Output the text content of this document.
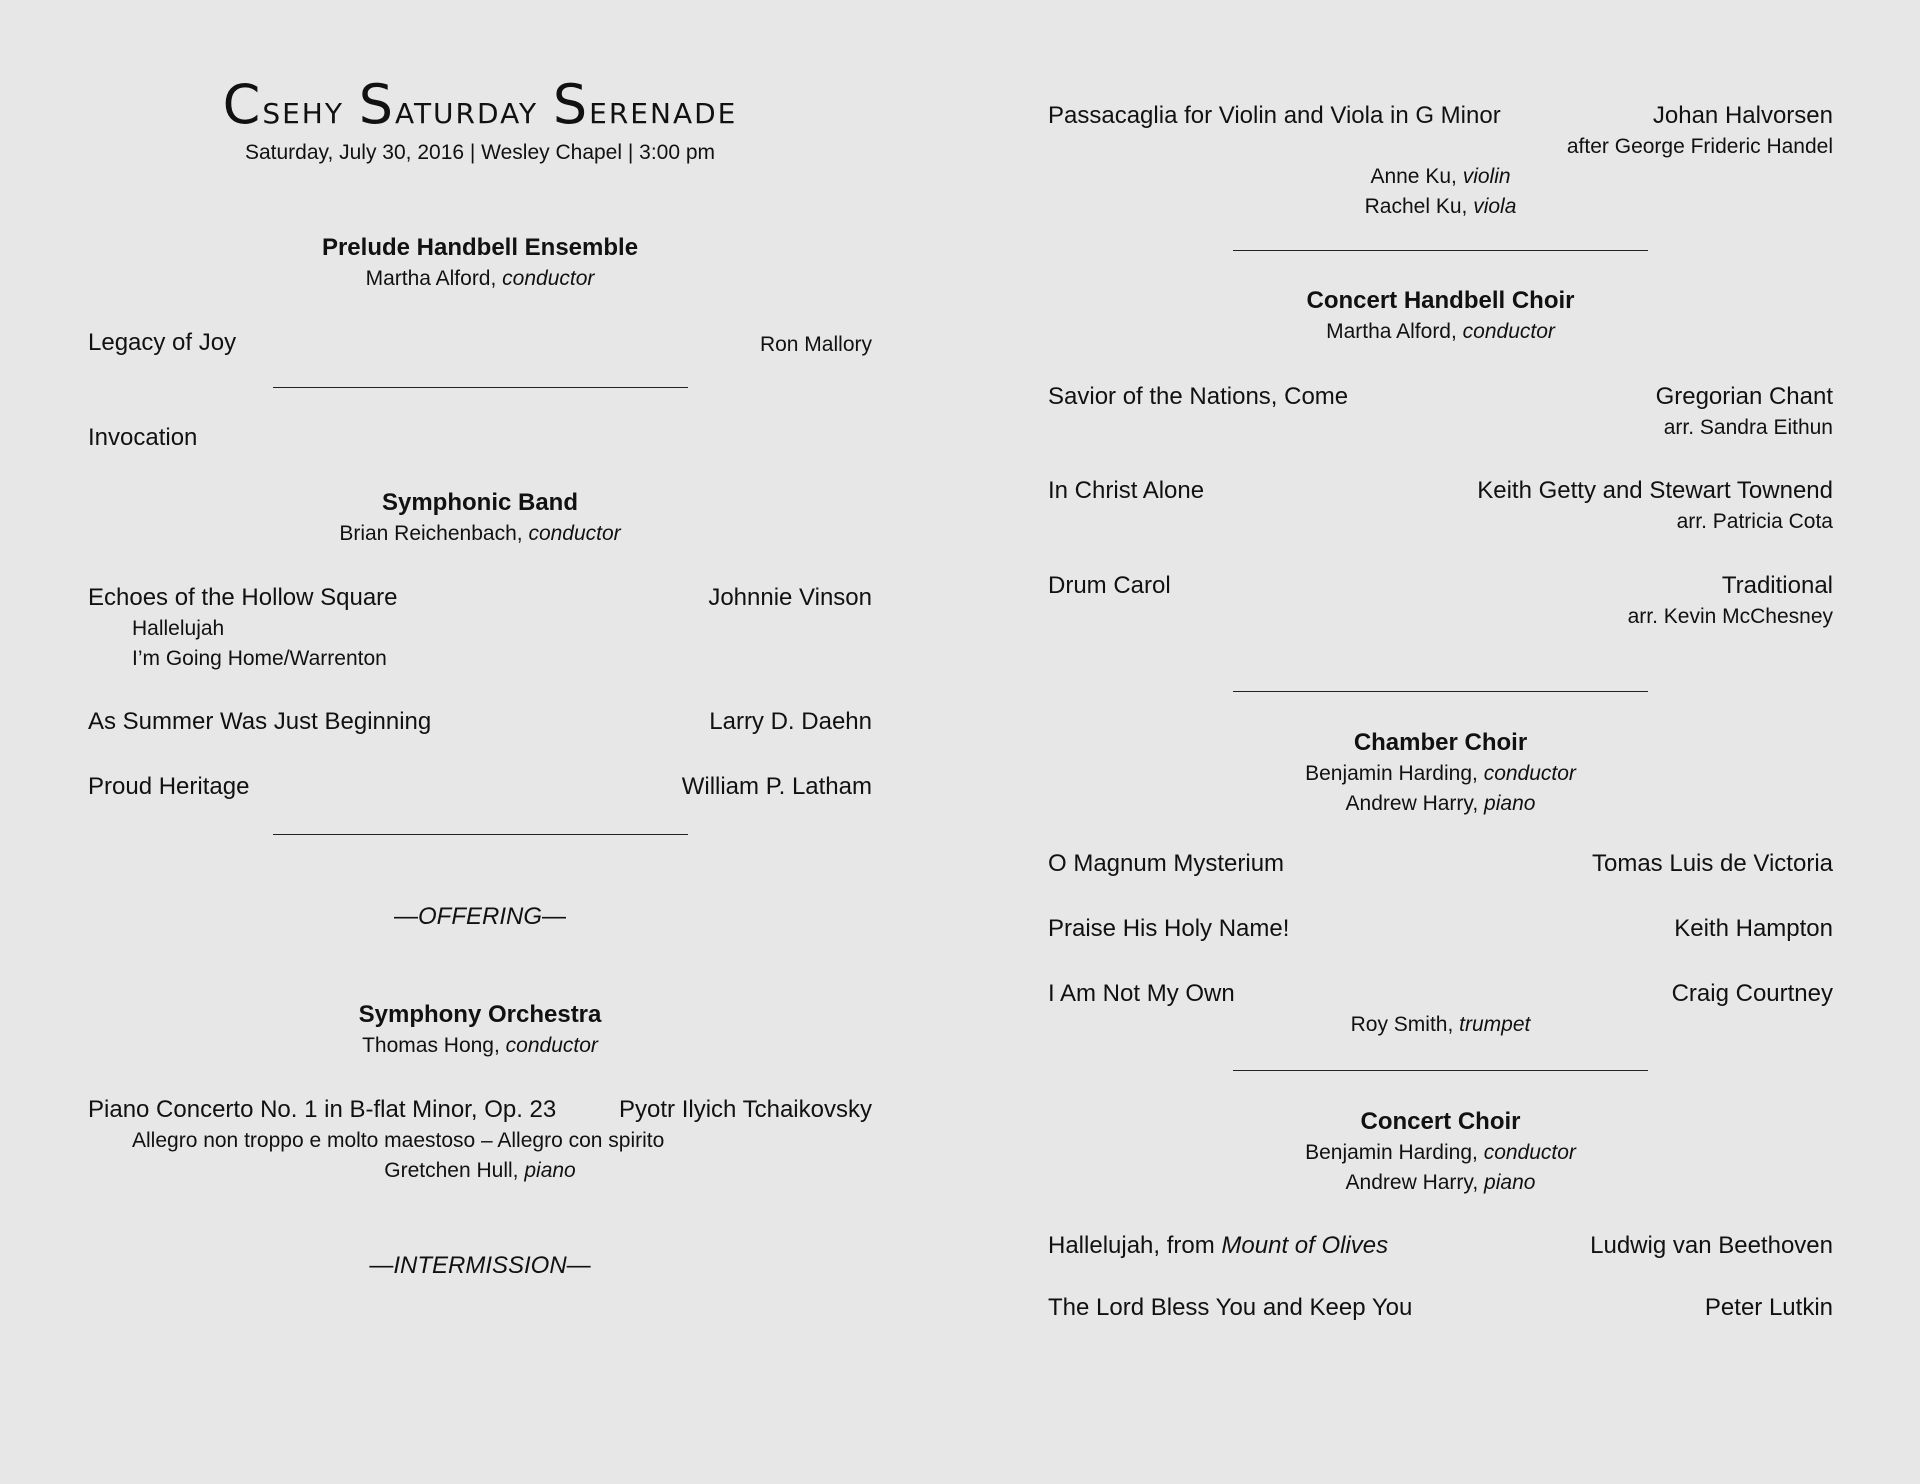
Csehy Saturday Serenade
Saturday, July 30, 2016 | Wesley Chapel | 3:00 pm
Prelude Handbell Ensemble
Martha Alford, conductor
Legacy of Joy	Ron Mallory
Invocation
Symphonic Band
Brian Reichenbach, conductor
Echoes of the Hollow Square	Johnnie Vinson
Hallelujah
I’m Going Home/Warrenton
As Summer Was Just Beginning	Larry D. Daehn
Proud Heritage	William P. Latham
—OFFERING—
Symphony Orchestra
Thomas Hong, conductor
Piano Concerto No. 1 in B-flat Minor, Op. 23	Pyotr Ilyich Tchaikovsky
Allegro non troppo e molto maestoso – Allegro con spirito
Gretchen Hull, piano
—INTERMISSION—
Passacaglia for Violin and Viola in G Minor	Johan Halvorsen
after George Frideric Handel
Anne Ku, violin
Rachel Ku, viola
Concert Handbell Choir
Martha Alford, conductor
Savior of the Nations, Come	Gregorian Chant
arr. Sandra Eithun
In Christ Alone	Keith Getty and Stewart Townend
arr. Patricia Cota
Drum Carol	Traditional
arr. Kevin McChesney
Chamber Choir
Benjamin Harding, conductor
Andrew Harry, piano
O Magnum Mysterium	Tomas Luis de Victoria
Praise His Holy Name!	Keith Hampton
I Am Not My Own	Craig Courtney
Roy Smith, trumpet
Concert Choir
Benjamin Harding, conductor
Andrew Harry, piano
Hallelujah, from Mount of Olives	Ludwig van Beethoven
The Lord Bless You and Keep You	Peter Lutkin
